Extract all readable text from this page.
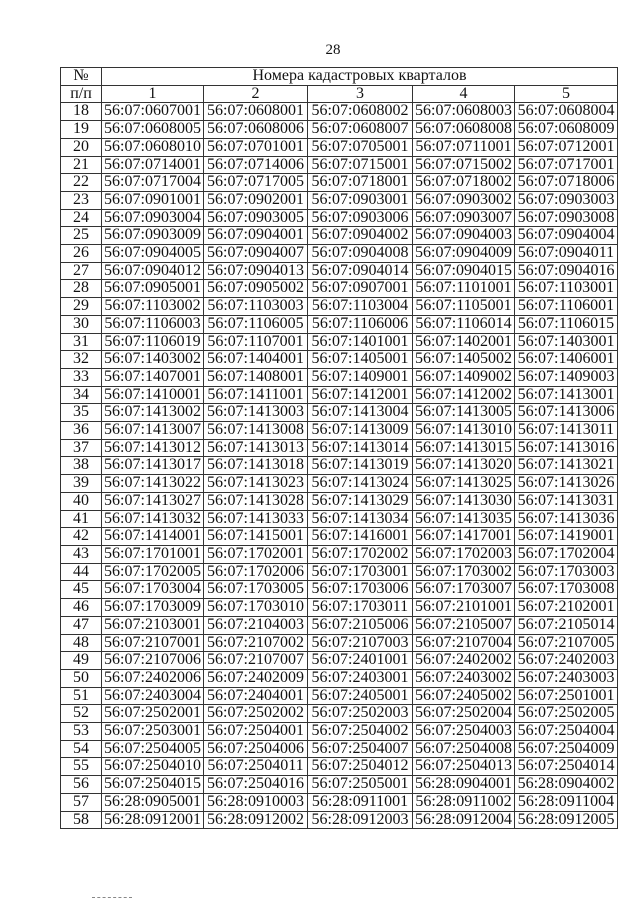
28
№	Номера кадастровых кварталов				
п/п	1	2	3	4	5
18	56:07:0607001	56:07:0608001	56:07:0608002	56:07:0608003	56:07:0608004
19	56:07:0608005	56:07:0608006	56:07:0608007	56:07:0608008	56:07:0608009
20	56:07:0608010	56:07:0701001	56:07:0705001	56:07:0711001	56:07:0712001
21	56:07:0714001	56:07:0714006	56:07:0715001	56:07:0715002	56:07:0717001
22	56:07:0717004	56:07:0717005	56:07:0718001	56:07:0718002	56:07:0718006
23	56:07:0901001	56:07:0902001	56:07:0903001	56:07:0903002	56:07:0903003
24	56:07:0903004	56:07:0903005	56:07:0903006	56:07:0903007	56:07:0903008
25	56:07:0903009	56:07:0904001	56:07:0904002	56:07:0904003	56:07:0904004
26	56:07:0904005	56:07:0904007	56:07:0904008	56:07:0904009	56:07:0904011
27	56:07:0904012	56:07:0904013	56:07:0904014	56:07:0904015	56:07:0904016
28	56:07:0905001	56:07:0905002	56:07:0907001	56:07:1101001	56:07:1103001
29	56:07:1103002	56:07:1103003	56:07:1103004	56:07:1105001	56:07:1106001
30	56:07:1106003	56:07:1106005	56:07:1106006	56:07:1106014	56:07:1106015
31	56:07:1106019	56:07:1107001	56:07:1401001	56:07:1402001	56:07:1403001
32	56:07:1403002	56:07:1404001	56:07:1405001	56:07:1405002	56:07:1406001
33	56:07:1407001	56:07:1408001	56:07:1409001	56:07:1409002	56:07:1409003
34	56:07:1410001	56:07:1411001	56:07:1412001	56:07:1412002	56:07:1413001
35	56:07:1413002	56:07:1413003	56:07:1413004	56:07:1413005	56:07:1413006
36	56:07:1413007	56:07:1413008	56:07:1413009	56:07:1413010	56:07:1413011
37	56:07:1413012	56:07:1413013	56:07:1413014	56:07:1413015	56:07:1413016
38	56:07:1413017	56:07:1413018	56:07:1413019	56:07:1413020	56:07:1413021
39	56:07:1413022	56:07:1413023	56:07:1413024	56:07:1413025	56:07:1413026
40	56:07:1413027	56:07:1413028	56:07:1413029	56:07:1413030	56:07:1413031
41	56:07:1413032	56:07:1413033	56:07:1413034	56:07:1413035	56:07:1413036
42	56:07:1414001	56:07:1415001	56:07:1416001	56:07:1417001	56:07:1419001
43	56:07:1701001	56:07:1702001	56:07:1702002	56:07:1702003	56:07:1702004
44	56:07:1702005	56:07:1702006	56:07:1703001	56:07:1703002	56:07:1703003
45	56:07:1703004	56:07:1703005	56:07:1703006	56:07:1703007	56:07:1703008
46	56:07:1703009	56:07:1703010	56:07:1703011	56:07:2101001	56:07:2102001
47	56:07:2103001	56:07:2104003	56:07:2105006	56:07:2105007	56:07:2105014
48	56:07:2107001	56:07:2107002	56:07:2107003	56:07:2107004	56:07:2107005
49	56:07:2107006	56:07:2107007	56:07:2401001	56:07:2402002	56:07:2402003
50	56:07:2402006	56:07:2402009	56:07:2403001	56:07:2403002	56:07:2403003
51	56:07:2403004	56:07:2404001	56:07:2405001	56:07:2405002	56:07:2501001
52	56:07:2502001	56:07:2502002	56:07:2502003	56:07:2502004	56:07:2502005
53	56:07:2503001	56:07:2504001	56:07:2504002	56:07:2504003	56:07:2504004
54	56:07:2504005	56:07:2504006	56:07:2504007	56:07:2504008	56:07:2504009
55	56:07:2504010	56:07:2504011	56:07:2504012	56:07:2504013	56:07:2504014
56	56:07:2504015	56:07:2504016	56:07:2505001	56:28:0904001	56:28:0904002
57	56:28:0905001	56:28:0910003	56:28:0911001	56:28:0911002	56:28:0911004
58	56:28:0912001	56:28:0912002	56:28:0912003	56:28:0912004	56:28:0912005
